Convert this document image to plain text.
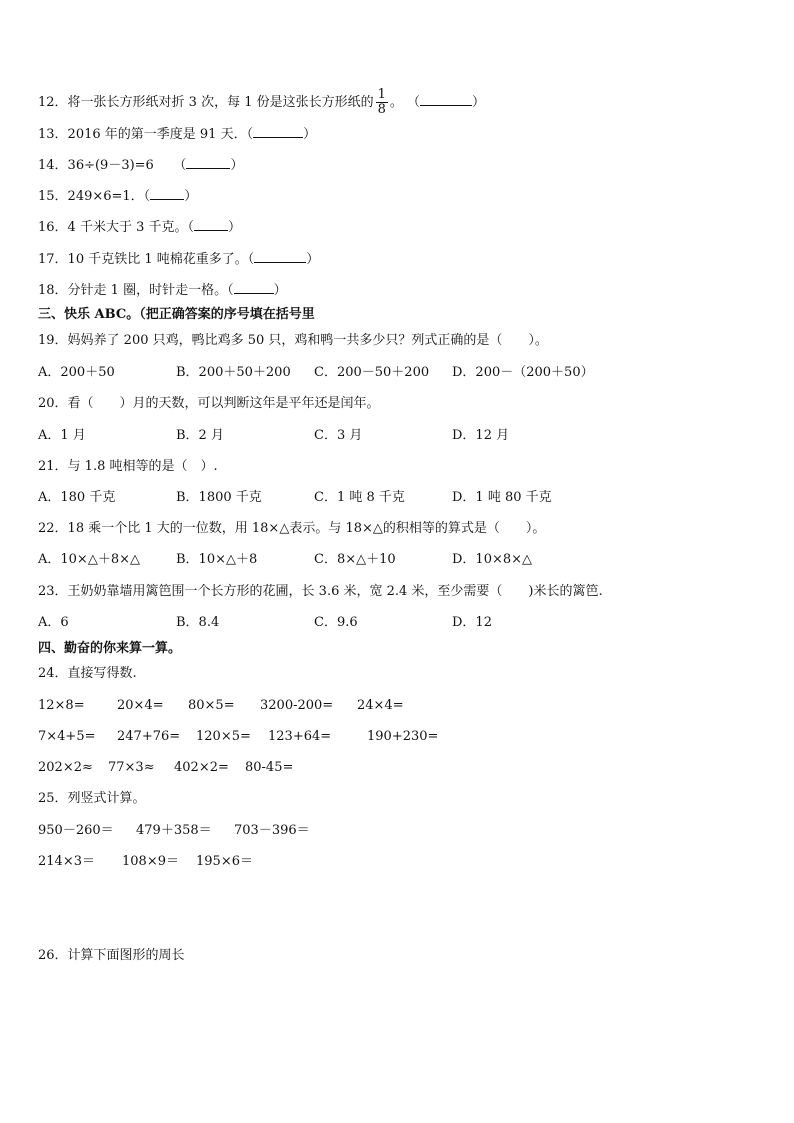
12．将一张长方形纸对折 3 次，每 1 份是这张长方形纸的 $\frac{1}{8}$ 。 （	）
13．2016 年的第一季度是 91 天．（	）
14．36÷(9－3)=6　　（	）
15．249×6=1．（	）
16．4 千米大于 3 千克。（	）
17．10 千克铁比 1 吨棉花重多了。（	）
18．分针走 1 圈，时针走一格。（	）
三、快乐 ABC。（把正确答案的序号填在括号里
19．妈妈养了 200 只鸡，鸭比鸡多 50 只，鸡和鸭一共多少只？列式正确的是（　　）。
A．200＋50	B．200＋50＋200 C．200－50＋200 D．200－（200＋50）
20．看（　　）月的天数，可以判断这年是平年还是闰年。
A．1 月	B．2 月	C．3 月	D．12 月
21．与 1.8 吨相等的是（　）.
A．180 千克	B．1800 千克	C．1 吨 8 千克	D．1 吨 80 千克
22．18 乘一个比 1 大的一位数，用 18×△表示。与 18×△的积相等的算式是（　　）。
A．10×△＋8×△	B．10×△＋8	C．8×△＋10	D．10×8×△
23．王奶奶靠墙用篱笆围一个长方形的花圃，长 3.6 米，宽 2.4 米，至少需要（　　)米长的篱笆.
A．6	B．8.4	C．9.6	D．12
四、勤奋的你来算一算。
24．直接写得数.
12×8= 20×4= 80×5= 3200-200= 24×4=
7×4+5= 247+76= 120×5= 123+64=	190+230=
202×2≈ 77×3≈ 402×2= 80-45=
25．列竖式计算。
950－260＝ 479＋358＝ 703－396＝
214×3＝ 108×9＝ 195×6＝
26．计算下面图形的周长
